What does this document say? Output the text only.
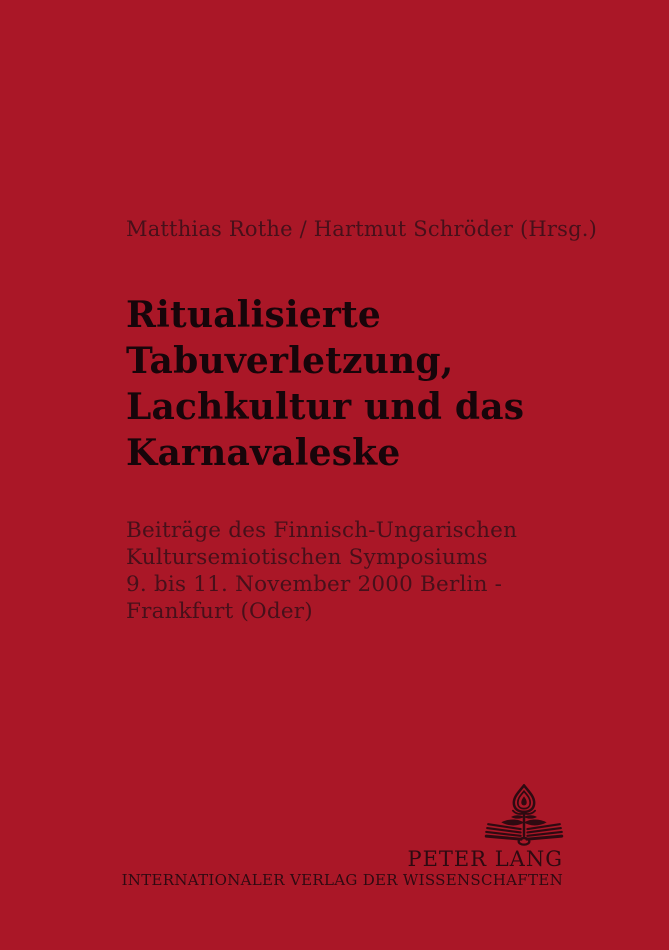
Matthias Rothe / Hartmut Schröder (Hrsg.)
Ritualisierte
Tabuverletzung,
Lachkultur und das
Karnavaleske
Beiträge des Finnisch-Ungarischen
Kultursemiotischen Symposiums
9. bis 11. November 2000 Berlin -
Frankfurt (Oder)
PETER LANG
INTERNATIONALER VERLAG DER WISSENSCHAFTEN
